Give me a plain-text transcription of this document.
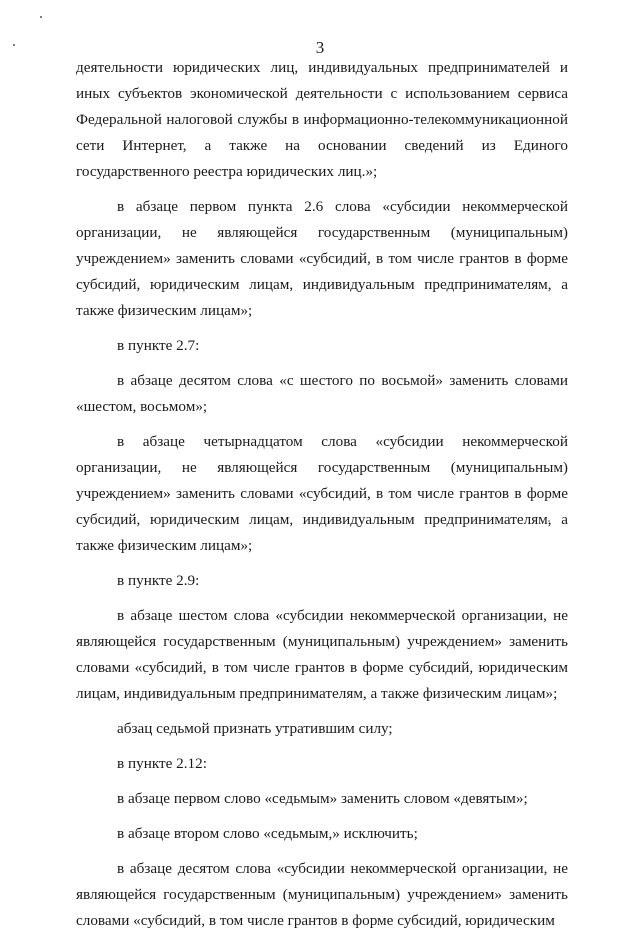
3

деятельности юридических лиц, индивидуальных предпринимателей и иных субъектов экономической деятельности с использованием сервиса Федеральной налоговой службы в информационно-телекоммуникационной сети Интернет, а также на основании сведений из Единого государственного реестра юридических лиц.»;

в абзаце первом пункта 2.6 слова «субсидии некоммерческой организации, не являющейся государственным (муниципальным) учреждением» заменить словами «субсидий, в том числе грантов в форме субсидий, юридическим лицам, индивидуальным предпринимателям, а также физическим лицам»;

в пункте 2.7:

в абзаце десятом слова «с шестого по восьмой» заменить словами «шестом, восьмом»;

в абзаце четырнадцатом слова «субсидии некоммерческой организации, не являющейся государственным (муниципальным) учреждением» заменить словами «субсидий, в том числе грантов в форме субсидий, юридическим лицам, индивидуальным предпринимателям, а также физическим лицам»;

в пункте 2.9:

в абзаце шестом слова «субсидии некоммерческой организации, не являющейся государственным (муниципальным) учреждением» заменить словами «субсидий, в том числе грантов в форме субсидий, юридическим лицам, индивидуальным предпринимателям, а также физическим лицам»;

абзац седьмой признать утратившим силу;

в пункте 2.12:

в абзаце первом слово «седьмым» заменить словом «девятым»;

в абзаце втором слово «седьмым,» исключить;

в абзаце десятом слова «субсидии некоммерческой организации, не являющейся государственным (муниципальным) учреждением» заменить словами «субсидий, в том числе грантов в форме субсидий, юридическим
